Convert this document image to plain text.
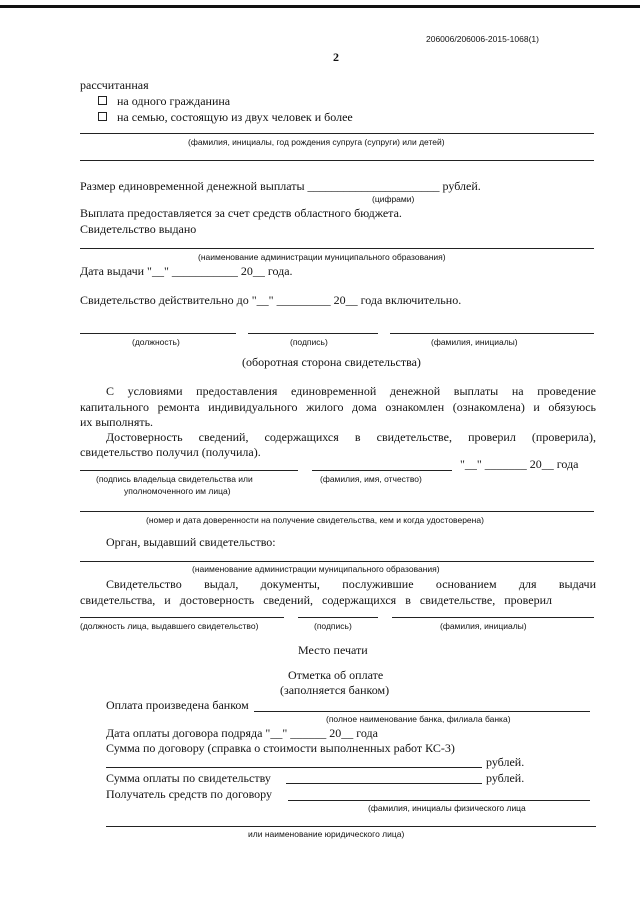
206006/206006-2015-1068(1)
2
рассчитанная
на одного гражданина
на семью, состоящую из двух человек и более
(фамилия, инициалы, год рождения супруга (супруги) или детей)
Размер единовременной денежной выплаты ______________________ рублей.
(цифрами)
Выплата предоставляется за счет средств областного бюджета.
Свидетельство выдано
(наименование администрации муниципального образования)
Дата выдачи "__" ___________ 20__ года.
Свидетельство действительно до "__" _________ 20__ года включительно.
(должность)	(подпись)	(фамилия, инициалы)
(оборотная сторона свидетельства)
С условиями предоставления единовременной денежной выплаты на проведение
капитального ремонта индивидуального жилого дома ознакомлен (ознакомлена) и обязуюсь
их выполнять.
Достоверность сведений, содержащихся в свидетельстве, проверил (проверила),
свидетельство получил (получила).
"__" _______ 20__ года
(подпись владельца свидетельства или	(фамилия, имя, отчество)
уполномоченного им лица)
(номер и дата доверенности на получение свидетельства, кем и когда удостоверена)
Орган, выдавший свидетельство:
(наименование администрации муниципального образования)
Свидетельство выдал, документы, послужившие основанием для выдачи
свидетельства, и достоверность сведений, содержащихся в свидетельстве, проверил
(должность лица, выдавшего свидетельство)	(подпись)	(фамилия, инициалы)
Место печати
Отметка об оплате
(заполняется банком)
Оплата произведена банком
(полное наименование банка, филиала банка)
Дата оплаты договора подряда "__" ______ 20__ года
Сумма по договору (справка о стоимости выполненных работ КС-3)
рублей.
Сумма оплаты по свидетельству	рублей.
Получатель средств по договору
(фамилия, инициалы физического лица
или наименование юридического лица)
